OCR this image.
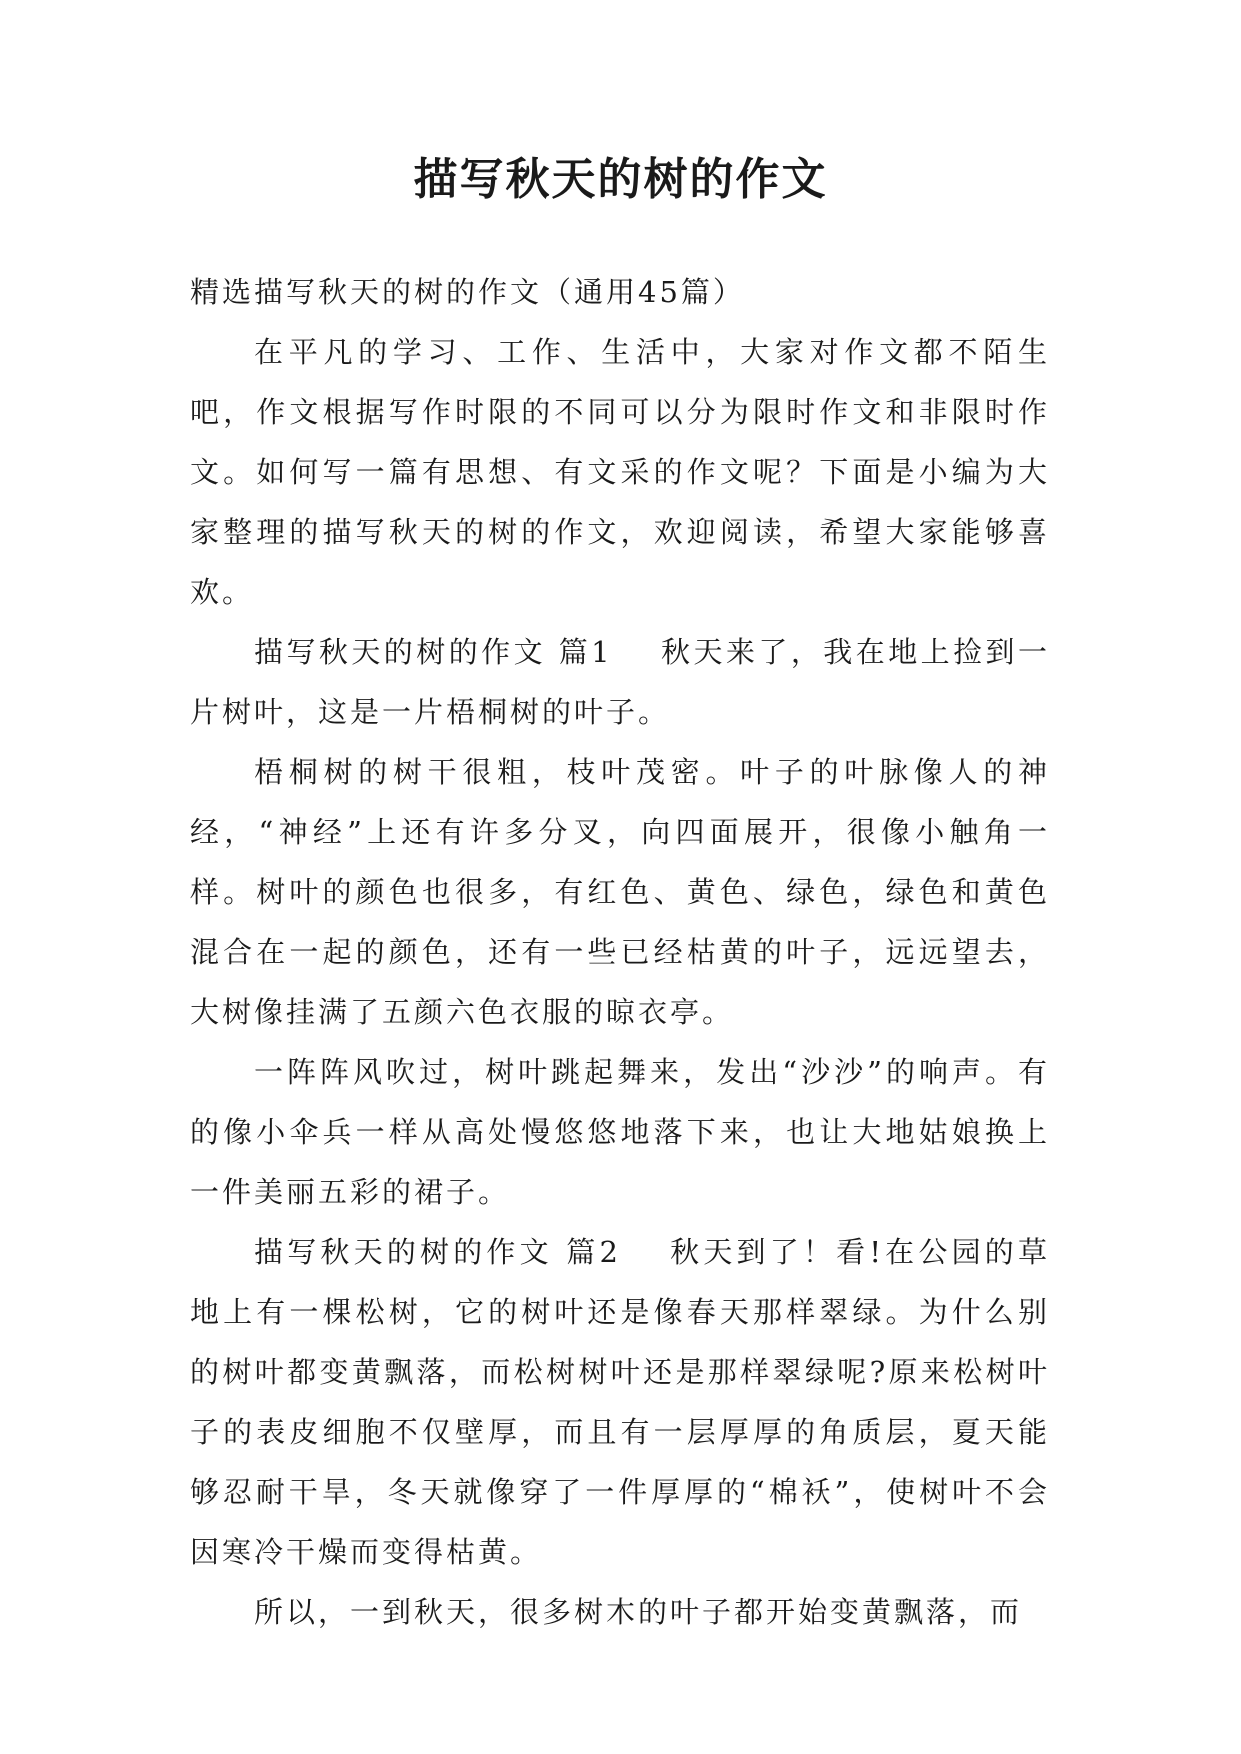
描写秋天的树的作文

精选描写秋天的树的作文（通用45篇）

在平凡的学习、工作、生活中，大家对作文都不陌生吧，作文根据写作时限的不同可以分为限时作文和非限时作文。如何写一篇有思想、有文采的作文呢？下面是小编为大家整理的描写秋天的树的作文，欢迎阅读，希望大家能够喜欢。

描写秋天的树的作文 篇1 秋天来了，我在地上捡到一片树叶，这是一片梧桐树的叶子。

梧桐树的树干很粗，枝叶茂密。叶子的叶脉像人的神经，“神经”上还有许多分叉，向四面展开，很像小触角一样。树叶的颜色也很多，有红色、黄色、绿色，绿色和黄色混合在一起的颜色，还有一些已经枯黄的叶子，远远望去，大树像挂满了五颜六色衣服的晾衣亭。

一阵阵风吹过，树叶跳起舞来，发出“沙沙”的响声。有的像小伞兵一样从高处慢悠悠地落下来，也让大地姑娘换上一件美丽五彩的裙子。

描写秋天的树的作文 篇2 秋天到了！看!在公园的草地上有一棵松树，它的树叶还是像春天那样翠绿。为什么别的树叶都变黄飘落，而松树树叶还是那样翠绿呢?原来松树叶子的表皮细胞不仅壁厚，而且有一层厚厚的角质层，夏天能够忍耐干旱，冬天就像穿了一件厚厚的“棉袄”，使树叶不会因寒冷干燥而变得枯黄。

所以，一到秋天，很多树木的叶子都开始变黄飘落，而
